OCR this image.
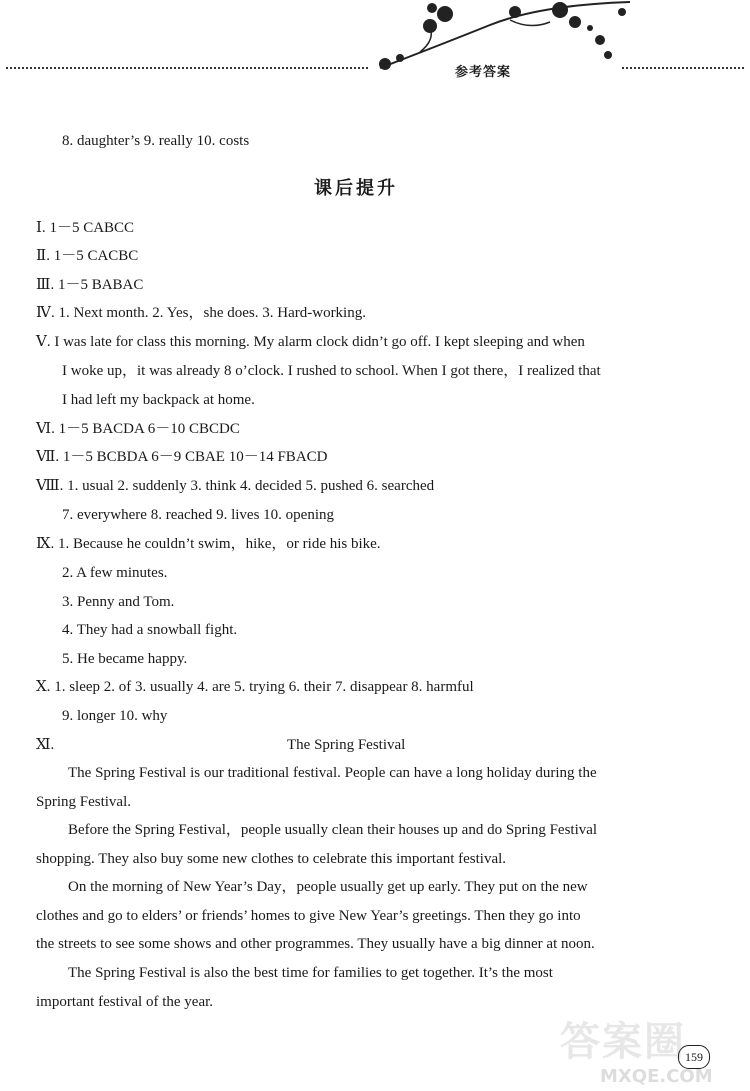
参考答案
8. daughter’s 9. really 10. costs
课后提升
Ⅰ. 1－5 CABCC
Ⅱ. 1－5 CACBC
Ⅲ. 1－5 BABAC
Ⅳ. 1. Next month. 2. Yes，she does. 3. Hard-working.
Ⅴ. I was late for class this morning. My alarm clock didn’t go off. I kept sleeping and when
I woke up，it was already 8 o’clock. I rushed to school. When I got there，I realized that
I had left my backpack at home.
Ⅵ. 1－5 BACDA 6－10 CBCDC
Ⅶ. 1－5 BCBDA 6－9 CBAE 10－14 FBACD
Ⅷ. 1. usual 2. suddenly 3. think 4. decided 5. pushed 6. searched
7. everywhere 8. reached 9. lives 10. opening
Ⅸ. 1. Because he couldn’t swim，hike，or ride his bike.
2. A few minutes.
3. Penny and Tom.
4. They had a snowball fight.
5. He became happy.
Ⅹ. 1. sleep 2. of 3. usually 4. are 5. trying 6. their 7. disappear 8. harmful
9. longer 10. why
Ⅺ.	The Spring Festival
The Spring Festival is our traditional festival. People can have a long holiday during the
Spring Festival.
Before the Spring Festival，people usually clean their houses up and do Spring Festival
shopping. They also buy some new clothes to celebrate this important festival.
On the morning of New Year’s Day，people usually get up early. They put on the new
clothes and go to elders’ or friends’ homes to give New Year’s greetings. Then they go into
the streets to see some shows and other programmes. They usually have a big dinner at noon.
The Spring Festival is also the best time for families to get together. It’s the most
important festival of the year.
答案圈 159
MXQE.COM
